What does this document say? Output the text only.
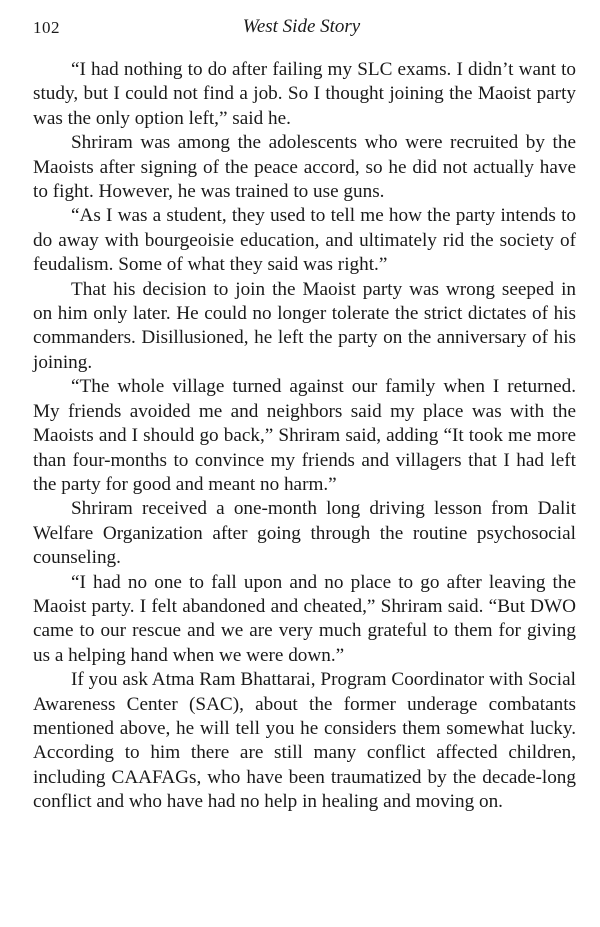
102	West Side Story

“I had nothing to do after failing my SLC exams. I didn’t want to study, but I could not find a job. So I thought joining the Maoist party was the only option left,” said he.

Shriram was among the adolescents who were recruited by the Maoists after signing of the peace accord, so he did not actually have to fight. However, he was trained to use guns.

“As I was a student, they used to tell me how the party intends to do away with bourgeoisie education, and ultimately rid the society of feudalism. Some of what they said was right.”

That his decision to join the Maoist party was wrong seeped in on him only later. He could no longer tolerate the strict dictates of his commanders. Disillusioned, he left the party on the anniversary of his joining.

“The whole village turned against our family when I returned. My friends avoided me and neighbors said my place was with the Maoists and I should go back,” Shriram said, adding “It took me more than four-months to convince my friends and villagers that I had left the party for good and meant no harm.”

Shriram received a one-month long driving lesson from Dalit Welfare Organization after going through the routine psychosocial counseling.

“I had no one to fall upon and no place to go after leaving the Maoist party. I felt abandoned and cheated,” Shriram said. “But DWO came to our rescue and we are very much grateful to them for giving us a helping hand when we were down.”

If you ask Atma Ram Bhattarai, Program Coordinator with Social Awareness Center (SAC), about the former underage combatants mentioned above, he will tell you he considers them somewhat lucky. According to him there are still many conflict affected children, including CAAFAGs, who have been traumatized by the decade-long conflict and who have had no help in healing and moving on.
